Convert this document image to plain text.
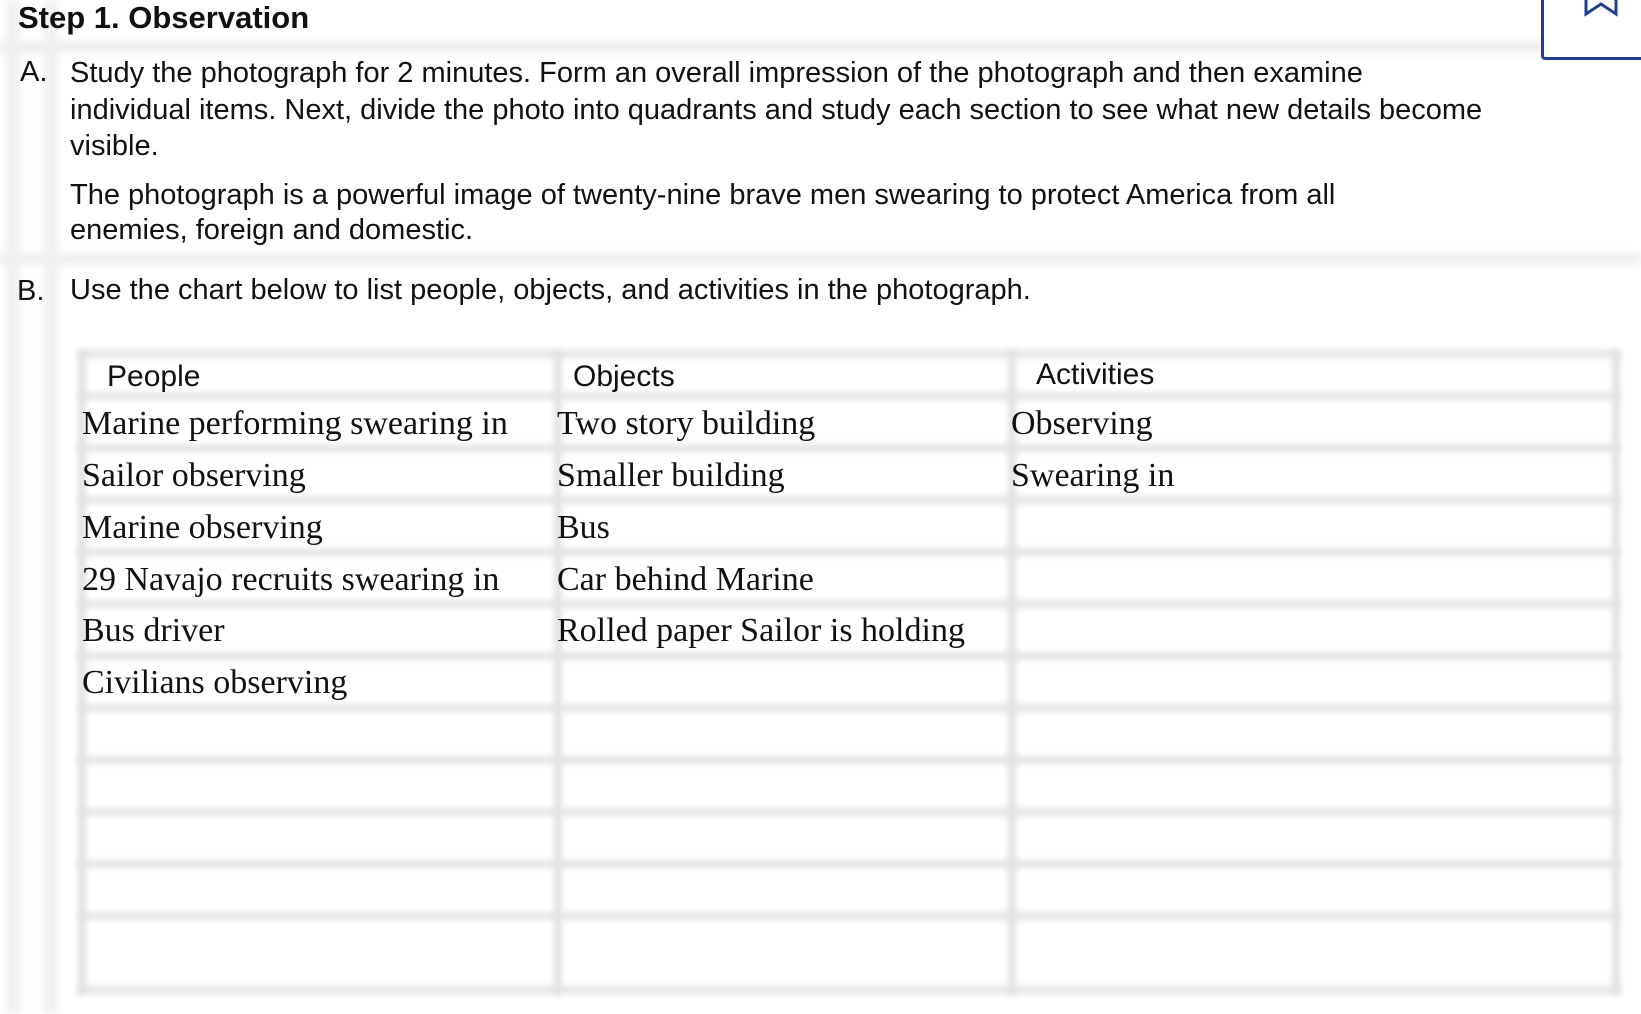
Step 1. Observation
A. Study the photograph for 2 minutes. Form an overall impression of the photograph and then examine

individual items. Next, divide the photo into quadrants and study each section to see what new details become

visible.

The photograph is a powerful image of twenty-nine brave men swearing to protect America from all

enemies, foreign and domestic.

B. Use the chart below to list people, objects, and activities in the photograph.

People	Objects	Activities
Marine performing swearing in
Sailor observing
Marine observing
29 Navajo recruits swearing in
Bus driver
Civilians observing
Two story building
Smaller building
Bus
Car behind Marine
Rolled paper Sailor is holding
Observing
Swearing in
